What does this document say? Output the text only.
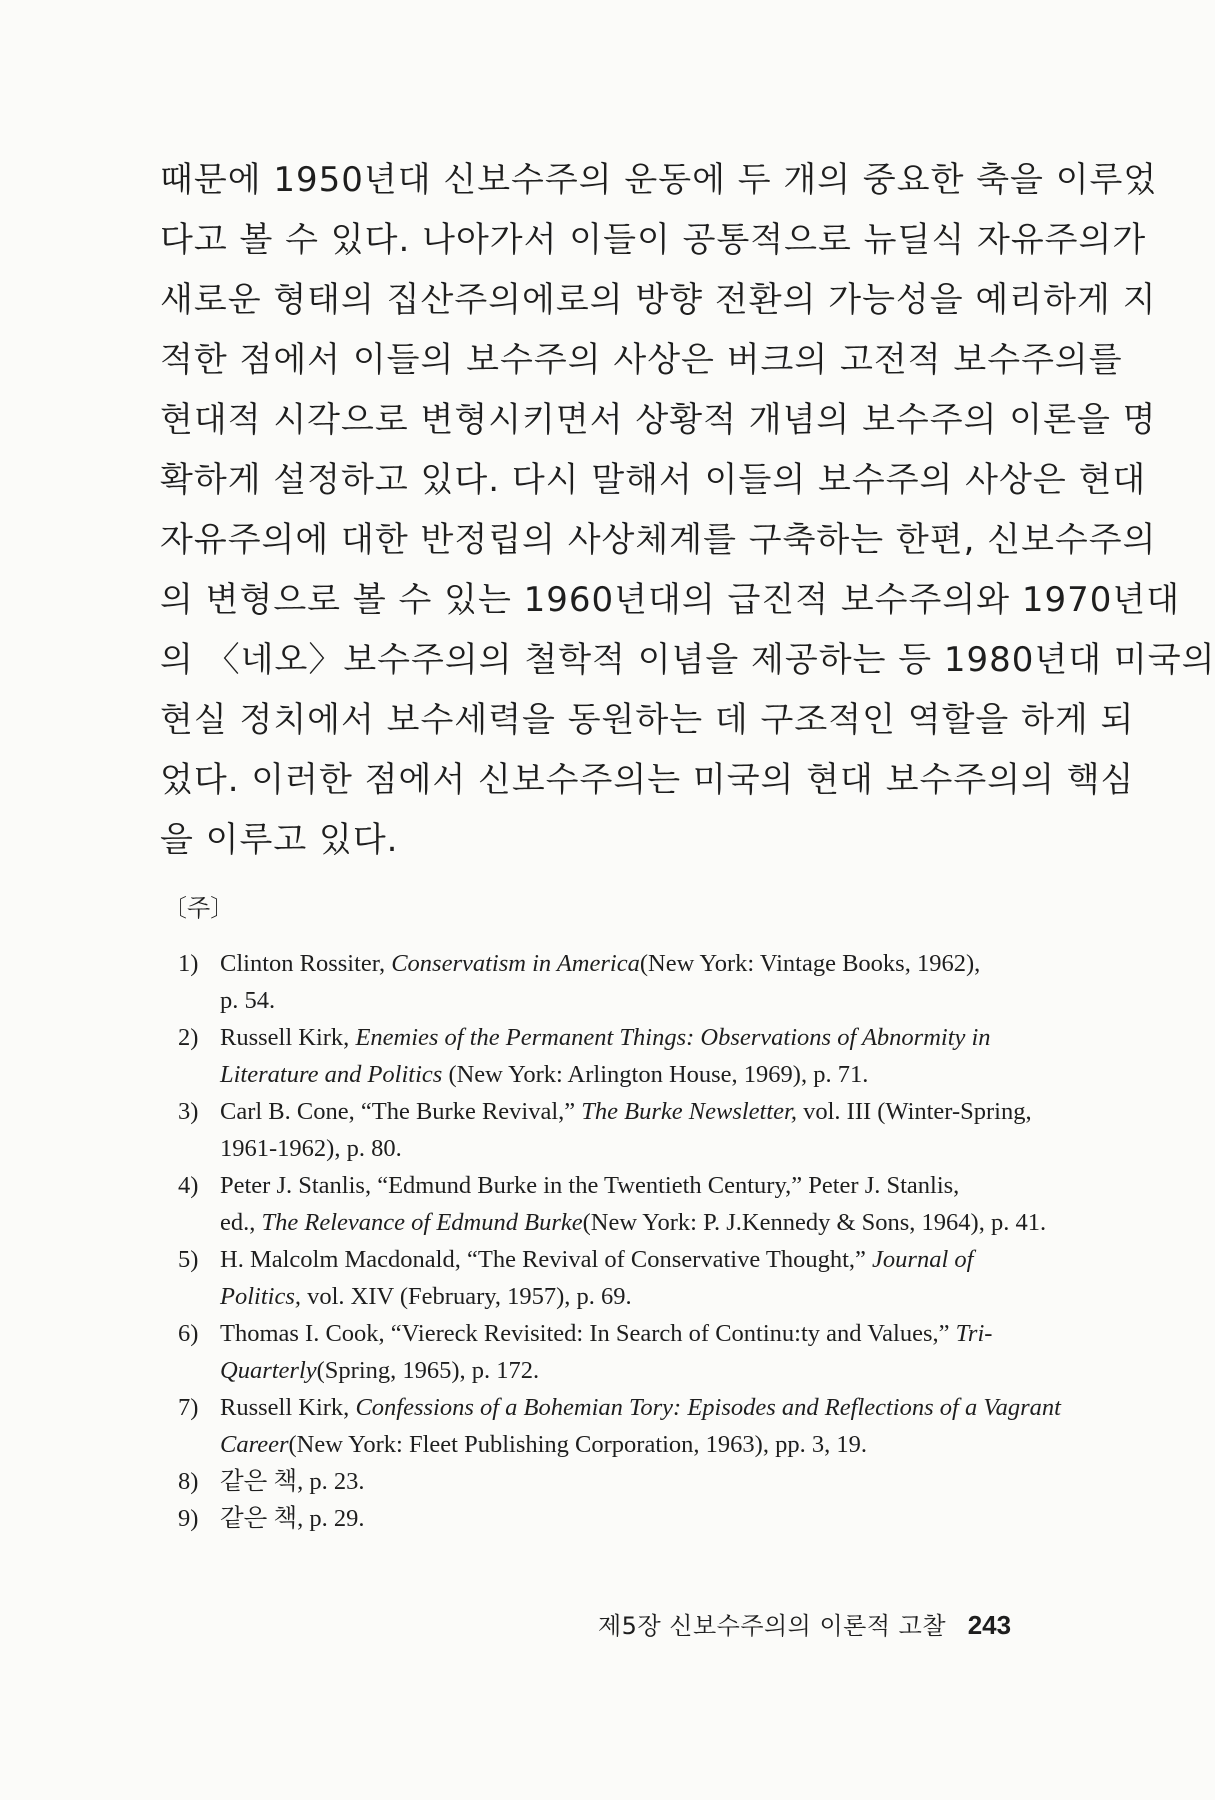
때문에 1950년대 신보수주의 운동에 두 개의 중요한 축을 이루었
다고 볼 수 있다. 나아가서 이들이 공통적으로 뉴딜식 자유주의가
새로운 형태의 집산주의에로의 방향 전환의 가능성을 예리하게 지
적한 점에서 이들의 보수주의 사상은 버크의 고전적 보수주의를
현대적 시각으로 변형시키면서 상황적 개념의 보수주의 이론을 명
확하게 설정하고 있다. 다시 말해서 이들의 보수주의 사상은 현대
자유주의에 대한 반정립의 사상체계를 구축하는 한편, 신보수주의
의 변형으로 볼 수 있는 1960년대의 급진적 보수주의와 1970년대
의 〈네오〉보수주의의 철학적 이념을 제공하는 등 1980년대 미국의
현실 정치에서 보수세력을 동원하는 데 구조적인 역할을 하게 되
었다. 이러한 점에서 신보수주의는 미국의 현대 보수주의의 핵심
을 이루고 있다.
〔주〕
1) Clinton Rossiter, Conservatism in America(New York: Vintage Books, 1962),
p. 54.
2) Russell Kirk, Enemies of the Permanent Things: Observations of Abnormity in
Literature and Politics (New York: Arlington House, 1969), p. 71.
3) Carl B. Cone, “The Burke Revival,” The Burke Newsletter, vol. III (Winter-Spring,
1961-1962), p. 80.
4) Peter J. Stanlis, “Edmund Burke in the Twentieth Century,” Peter J. Stanlis,
ed., The Relevance of Edmund Burke(New York: P. J.Kennedy & Sons, 1964), p. 41.
5) H. Malcolm Macdonald, “The Revival of Conservative Thought,” Journal of
Politics, vol. XIV (February, 1957), p. 69.
6) Thomas I. Cook, “Viereck Revisited: In Search of Continu:ty and Values,” Tri-
Quarterly(Spring, 1965), p. 172.
7) Russell Kirk, Confessions of a Bohemian Tory: Episodes and Reflections of a Vagrant
Career(New York: Fleet Publishing Corporation, 1963), pp. 3, 19.
8) 같은 책, p. 23.
9) 같은 책, p. 29.
제5장 신보수주의의 이론적 고찰 243
